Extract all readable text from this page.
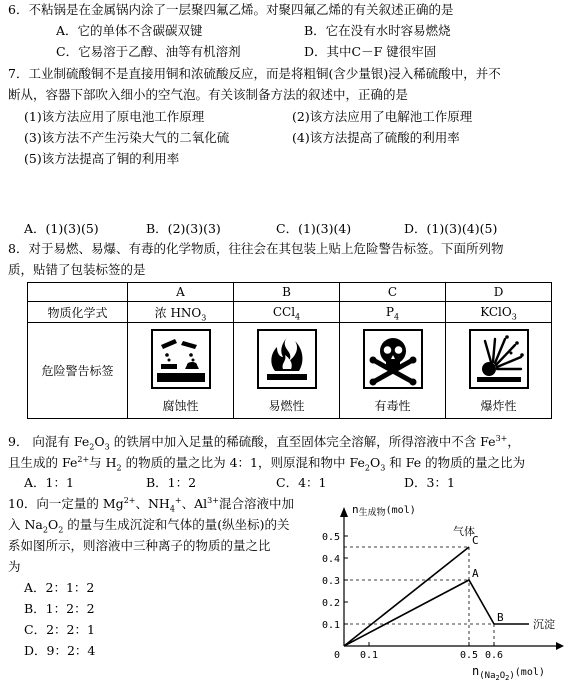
6．不粘锅是在金属锅内涂了一层聚四氟乙烯。对聚四氟乙烯的有关叙述正确的是
A．它的单体不含碳碳双键	B．它在没有水时容易燃烧
C．它易溶于乙醇、油等有机溶剂	D．其中C－F 键很牢固
7．工业制硫酸铜不是直接用铜和浓硫酸反应，而是将粗铜(含少量银)浸入稀硫酸中，并不
断从，容器下部吹入细小的空气泡。有关该制备方法的叙述中，正确的是
(1)该方法应用了原电池工作原理	(2)该方法应用了电解池工作原理
(3)该方法不产生污染大气的二氧化硫	(4)该方法提高了硫酸的利用率
(5)该方法提高了铜的利用率
A．(1)(3)(5)	B．(2)(3)(3)	C．(1)(3)(4)	D．(1)(3)(4)(5)
8．对于易燃、易爆、有毒的化学物质，往往会在其包装上贴上危险警告标签。下面所列物
质，贴错了包装标签的是
	A	B	C	D
物质化学式	浓 $HNO_3$	CCl$_4$	$P_4$	KClO$_3$
危险警告标签	腐蚀性	易燃性	有毒性	爆炸性
9． 向混有 $Fe_2O_3$ 的铁屑中加入足量的稀硫酸，直至固体完全溶解，所得溶液中不含 $Fe^{3+}$，
且生成的 $Fe^{2+}$与 $H_2$ 的物质的量之比为 4：1，则原混和物中 $Fe_2O_3$ 和 Fe 的物质的量之比为
A．1：1	B．1：2	C．4：1	D．3：1
10．向一定量的 $Mg^{2+}$、$NH_4^+$、$Al^{3+}$混合溶液中加
入 $Na_2O_2$ 的量与生成沉淀和气体的量(纵坐标)的关
系如图所示，则溶液中三种离子的物质的量之比
为
A．2：1：2
B．1：2：2
C．2：2：1
D．9：2：4
0.1
0.2
0.3
0.4
0.5
0.1	0.5 0.6
0
C
A
B
气体
沉淀
n生成物(mol)
$n_{(Na}2O2)(mol)$
